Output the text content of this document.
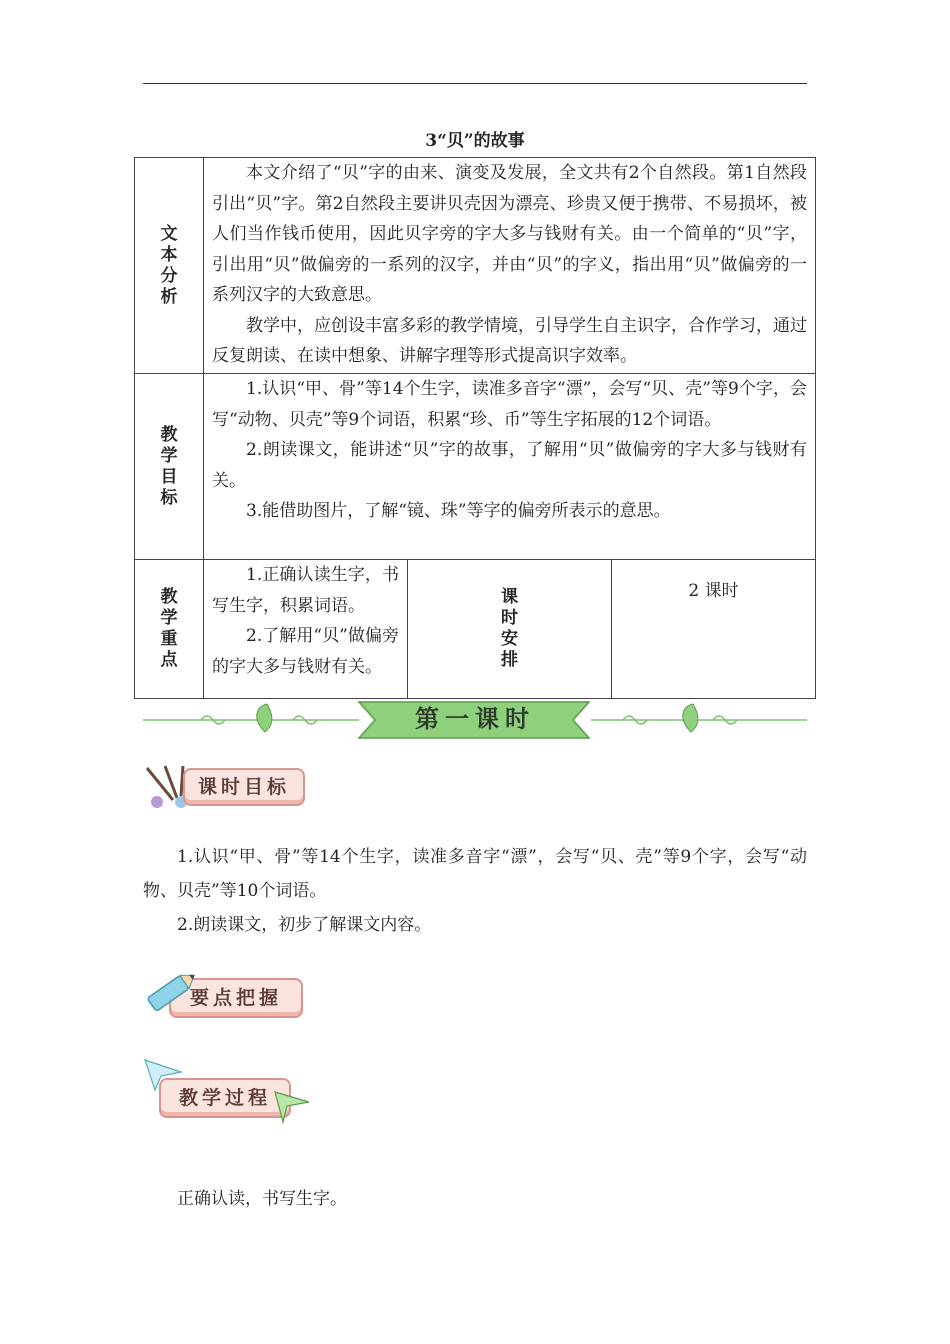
3“贝”的故事
文本分析	本文介绍了“贝”字的由来、演变及发展，全文共有2个自然段。第1自然段引出“贝”字。第2自然段主要讲贝壳因为漂亮、珍贵又便于携带、不易损坏，被人们当作钱币使用，因此贝字旁的字大多与钱财有关。由一个简单的“贝”字，引出用“贝”做偏旁的一系列的汉字，并由“贝”的字义，指出用“贝”做偏旁的一系列汉字的大致意思。

教学中，应创设丰富多彩的教学情境，引导学生自主识字，合作学习，通过反复朗读、在读中想象、讲解字理等形式提高识字效率。		

教学目标	1.认识“甲、骨”等14个生字，读准多音字“漂”，会写“贝、壳”等9个字，会写“动物、贝壳”等9个词语，积累“珍、币”等生字拓展的12个词语。

2.朗读课文，能讲述“贝”字的故事，了解用“贝”做偏旁的字大多与钱财有关。

3.能借助图片，了解“镜、珠”等字的偏旁所表示的意思。		

教学重点	1.正确认读生字，书写生字，积累词语。

2.了解用“贝”做偏旁的字大多与钱财有关。	课时安排	2 课时
第一课时
课时目标

1.认识“甲、骨”等14个生字，读准多音字“漂”，会写“贝、壳”等9个字，会写“动物、贝壳”等10个词语。

2.朗读课文，初步了解课文内容。

要点把握
教学过程

正确认读，书写生字。
